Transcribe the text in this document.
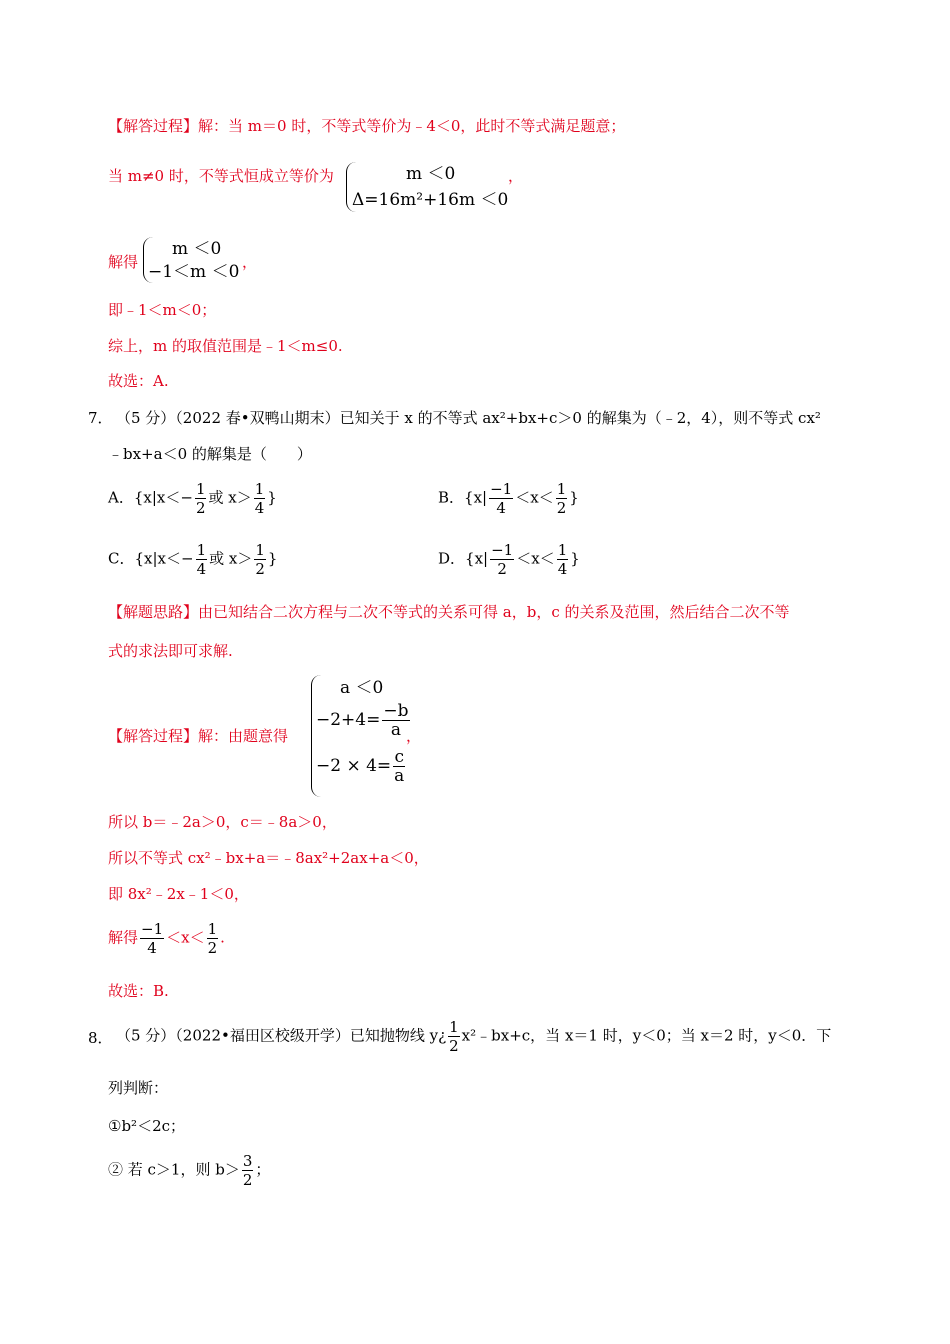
【解答过程】解：当 m＝0 时，不等式等价为﹣4＜0，此时不等式满足题意；
当 m≠0 时，不等式恒成立等价为	m ＜0
Δ=16m²+16m ＜0
，
解得
m ＜0
−1＜m ＜0 ，
即﹣1＜m＜0；
综上，m 的取值范围是﹣1＜m≤0.
故选：A.
7． （5 分）（2022 春•双鸭山期末）已知关于 x 的不等式 ax²+bx+c＞0 的解集为（﹣2，4），则不等式 cx²
﹣bx+a＜0 的解集是（　　）
A．{$x|x<- \frac{1}{2}$ 或 $x> \frac{1}{4}$ }	B．{$x| \frac{-1}{4} <x< \frac{1}{2}$ }
C．{$x|x<- \frac{1}{4}$ 或 $x> \frac{1}{2}$ }	D．{$x| \frac{-1}{2} <x< \frac{1}{4}$ }
【解题思路】由已知结合二次方程与二次不等式的关系可得 a，b，c 的关系及范围，然后结合二次不等
式的求法即可求解.
【解答过程】解：由题意得
a ＜0
$-2+4= \frac{-b}{a}$
$-2 \times 4= \frac{c}{a}$
，
所以 b＝﹣2a＞0，c＝﹣8a＞0，
所以不等式 cx²﹣bx+a＝﹣8ax²+2ax+a＜0，
即 8x²﹣2x﹣1＜0，
解得 $\frac{-1}{4} <x< \frac{1}{2}$ .
故选：B.
8． （5 分）（2022•福田区校级开学）已知抛物线 y¿ $\frac{1}{2}$ x²﹣bx+c，当 x＝1 时，y＜0；当 x＝2 时，y＜0．下
列判断：
①b²＜2c；
② 若 c＞1，则 $b> \frac{3}{2}$ ；
